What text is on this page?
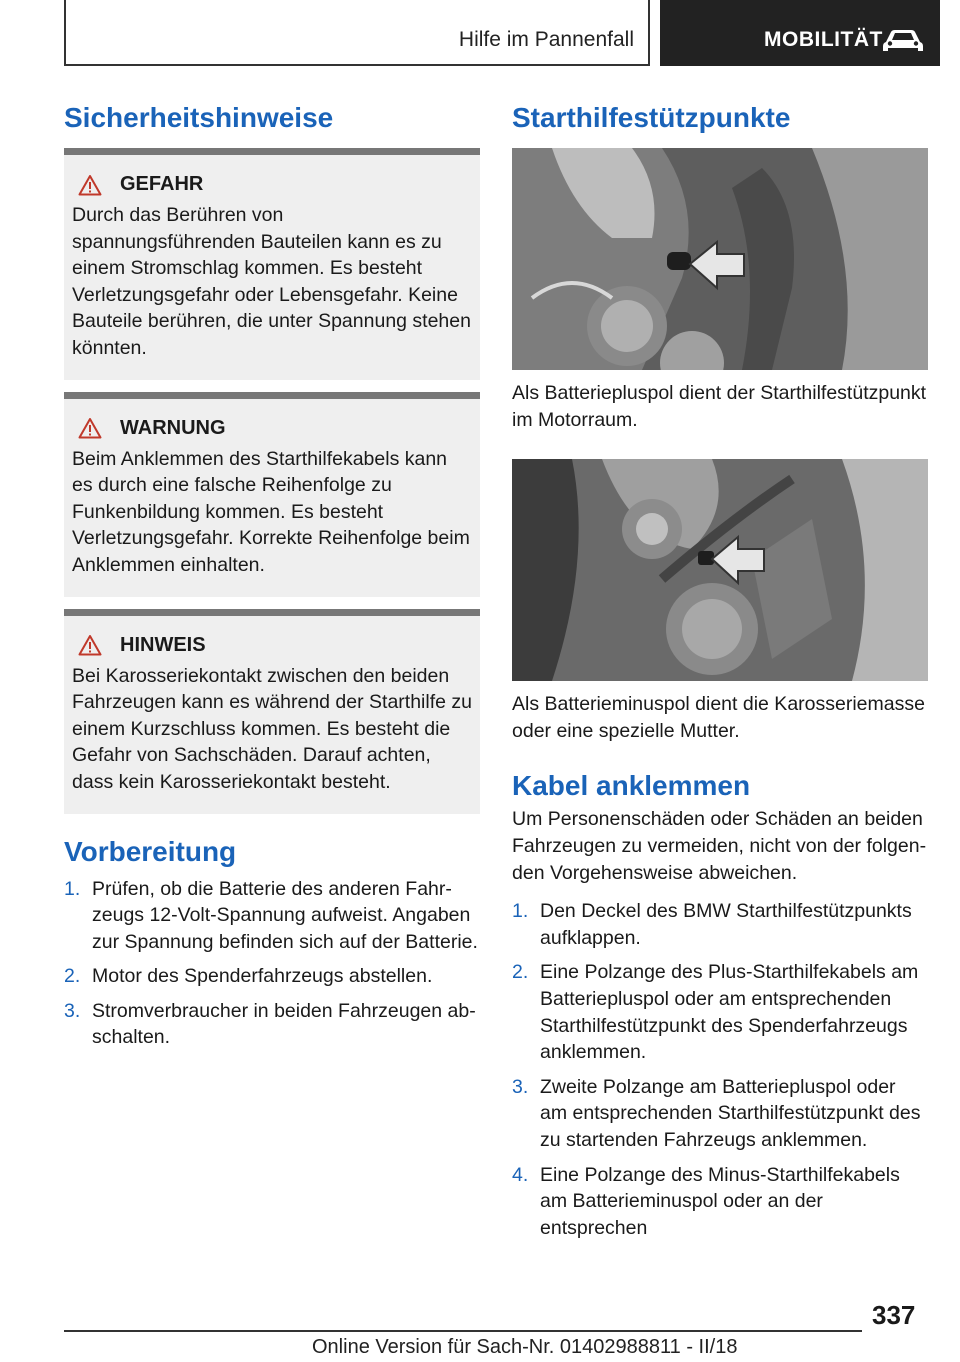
Hilfe im Pannenfall	MOBILITÄT
Sicherheitshinweise
GEFAHR
Durch das Berühren von spannungsführenden Bauteilen kann es zu einem Stromschlag kommen. Es besteht Verletzungsgefahr oder Lebensgefahr. Keine Bauteile berühren, die unter Spannung stehen könnten.
WARNUNG
Beim Anklemmen des Starthilfekabels kann es durch eine falsche Reihenfolge zu Funkenbildung kommen. Es besteht Verletzungsgefahr. Korrekte Reihenfolge beim Anklemmen einhalten.
HINWEIS
Bei Karosseriekontakt zwischen den beiden Fahrzeugen kann es während der Starthilfe zu einem Kurzschluss kommen. Es besteht die Gefahr von Sachschäden. Darauf achten, dass kein Karosseriekontakt besteht.
Vorbereitung
1. Prüfen, ob die Batterie des anderen Fahrzeugs 12-Volt-Spannung aufweist. Angaben zur Spannung befinden sich auf der Batterie.
2. Motor des Spenderfahrzeugs abstellen.
3. Stromverbraucher in beiden Fahrzeugen abschalten.
Starthilfestützpunkte

Als Batteriepluspol dient der Starthilfestützpunkt im Motorraum.

Als Batterieminuspol dient die Karosseriemasse oder eine spezielle Mutter.

Kabel anklemmen

Um Personenschäden oder Schäden an beiden Fahrzeugen zu vermeiden, nicht von der folgenden Vorgehensweise abweichen.

1. Den Deckel des BMW Starthilfestützpunkts aufklappen.
2. Eine Polzange des Plus-Starthilfekabels am Batteriepluspol oder am entsprechenden Starthilfestützpunkt des Spenderfahrzeugs anklemmen.
3. Zweite Polzange am Batteriepluspol oder am entsprechenden Starthilfestützpunkt des zu startenden Fahrzeugs anklemmen.
4. Eine Polzange des Minus-Starthilfekabels am Batterieminuspol oder an der entsprechen
337
Online Version für Sach-Nr. 01402988811 - II/18
